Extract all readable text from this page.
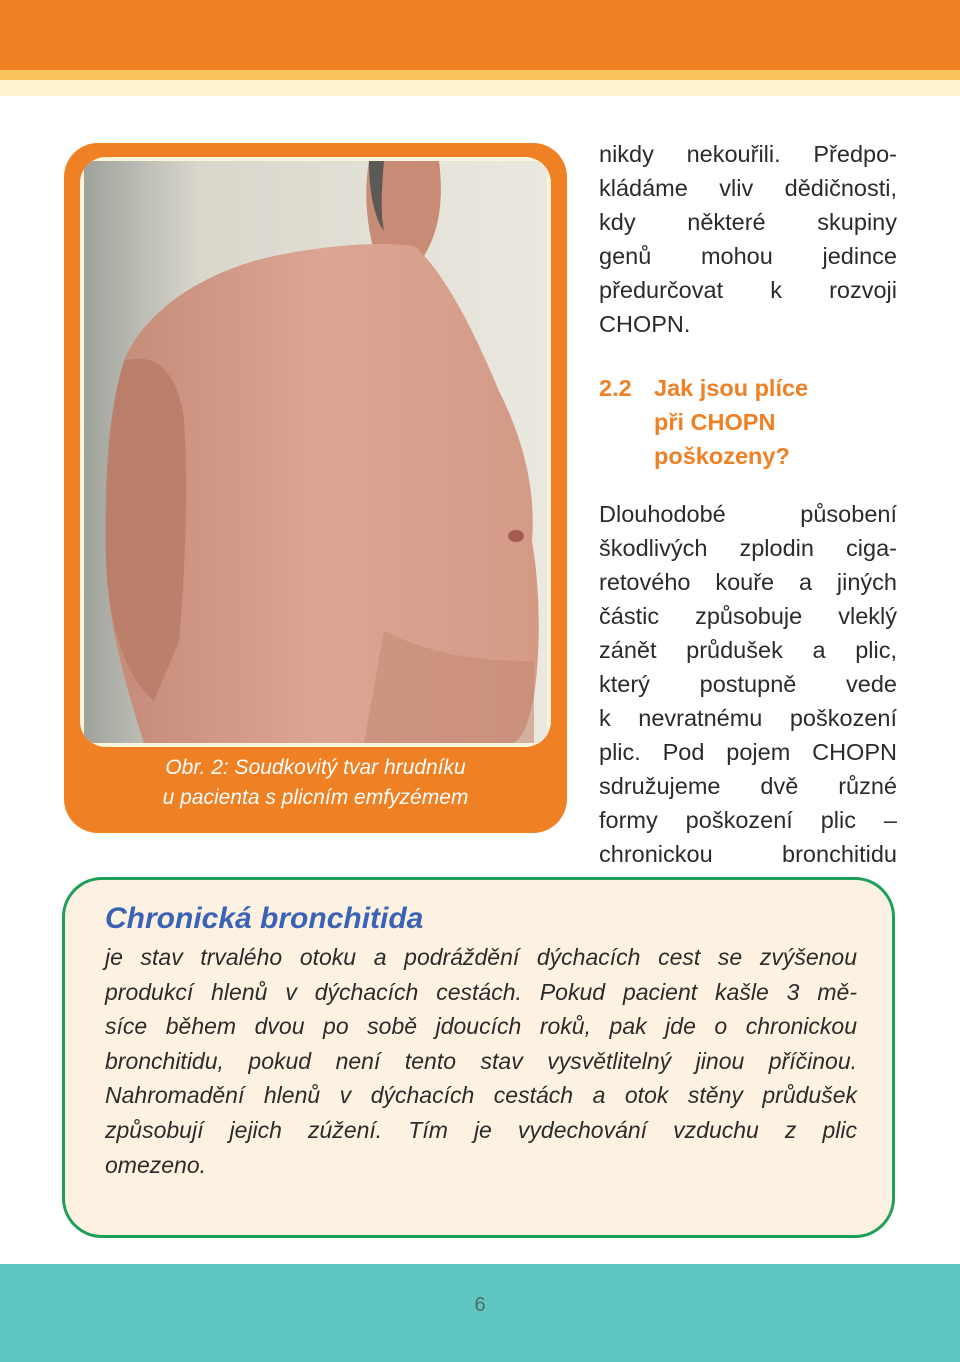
Obr. 2: Soudkovitý tvar hrudníku
u pacienta s plicním emfyzémem
nikdy nekouřili. Předpo-
kládáme vliv dědičnosti,
kdy některé skupiny
genů mohou jedince
předurčovat k rozvoji
CHOPN.
2.2 Jak jsou plíce
při CHOPN
poškozeny?
Dlouhodobé působení
škodlivých zplodin ciga-
retového kouře a jiných
částic způsobuje vleklý
zánět průdušek a plic,
který postupně vede
k nevratnému poškození
plic. Pod pojem CHOPN
sdružujeme dvě různé
formy poškození plic –
chronickou bronchitidu
Chronická bronchitida
je stav trvalého otoku a podráždění dýchacích cest se zvýšenou
produkcí hlenů v dýchacích cestách. Pokud pacient kašle 3 mě-
síce během dvou po sobě jdoucích roků, pak jde o chronickou
bronchitidu, pokud není tento stav vysvětlitelný jinou příčinou.
Nahromadění hlenů v dýchacích cestách a otok stěny průdušek
způsobují jejich zúžení. Tím je vydechování vzduchu z plic
omezeno.
6
